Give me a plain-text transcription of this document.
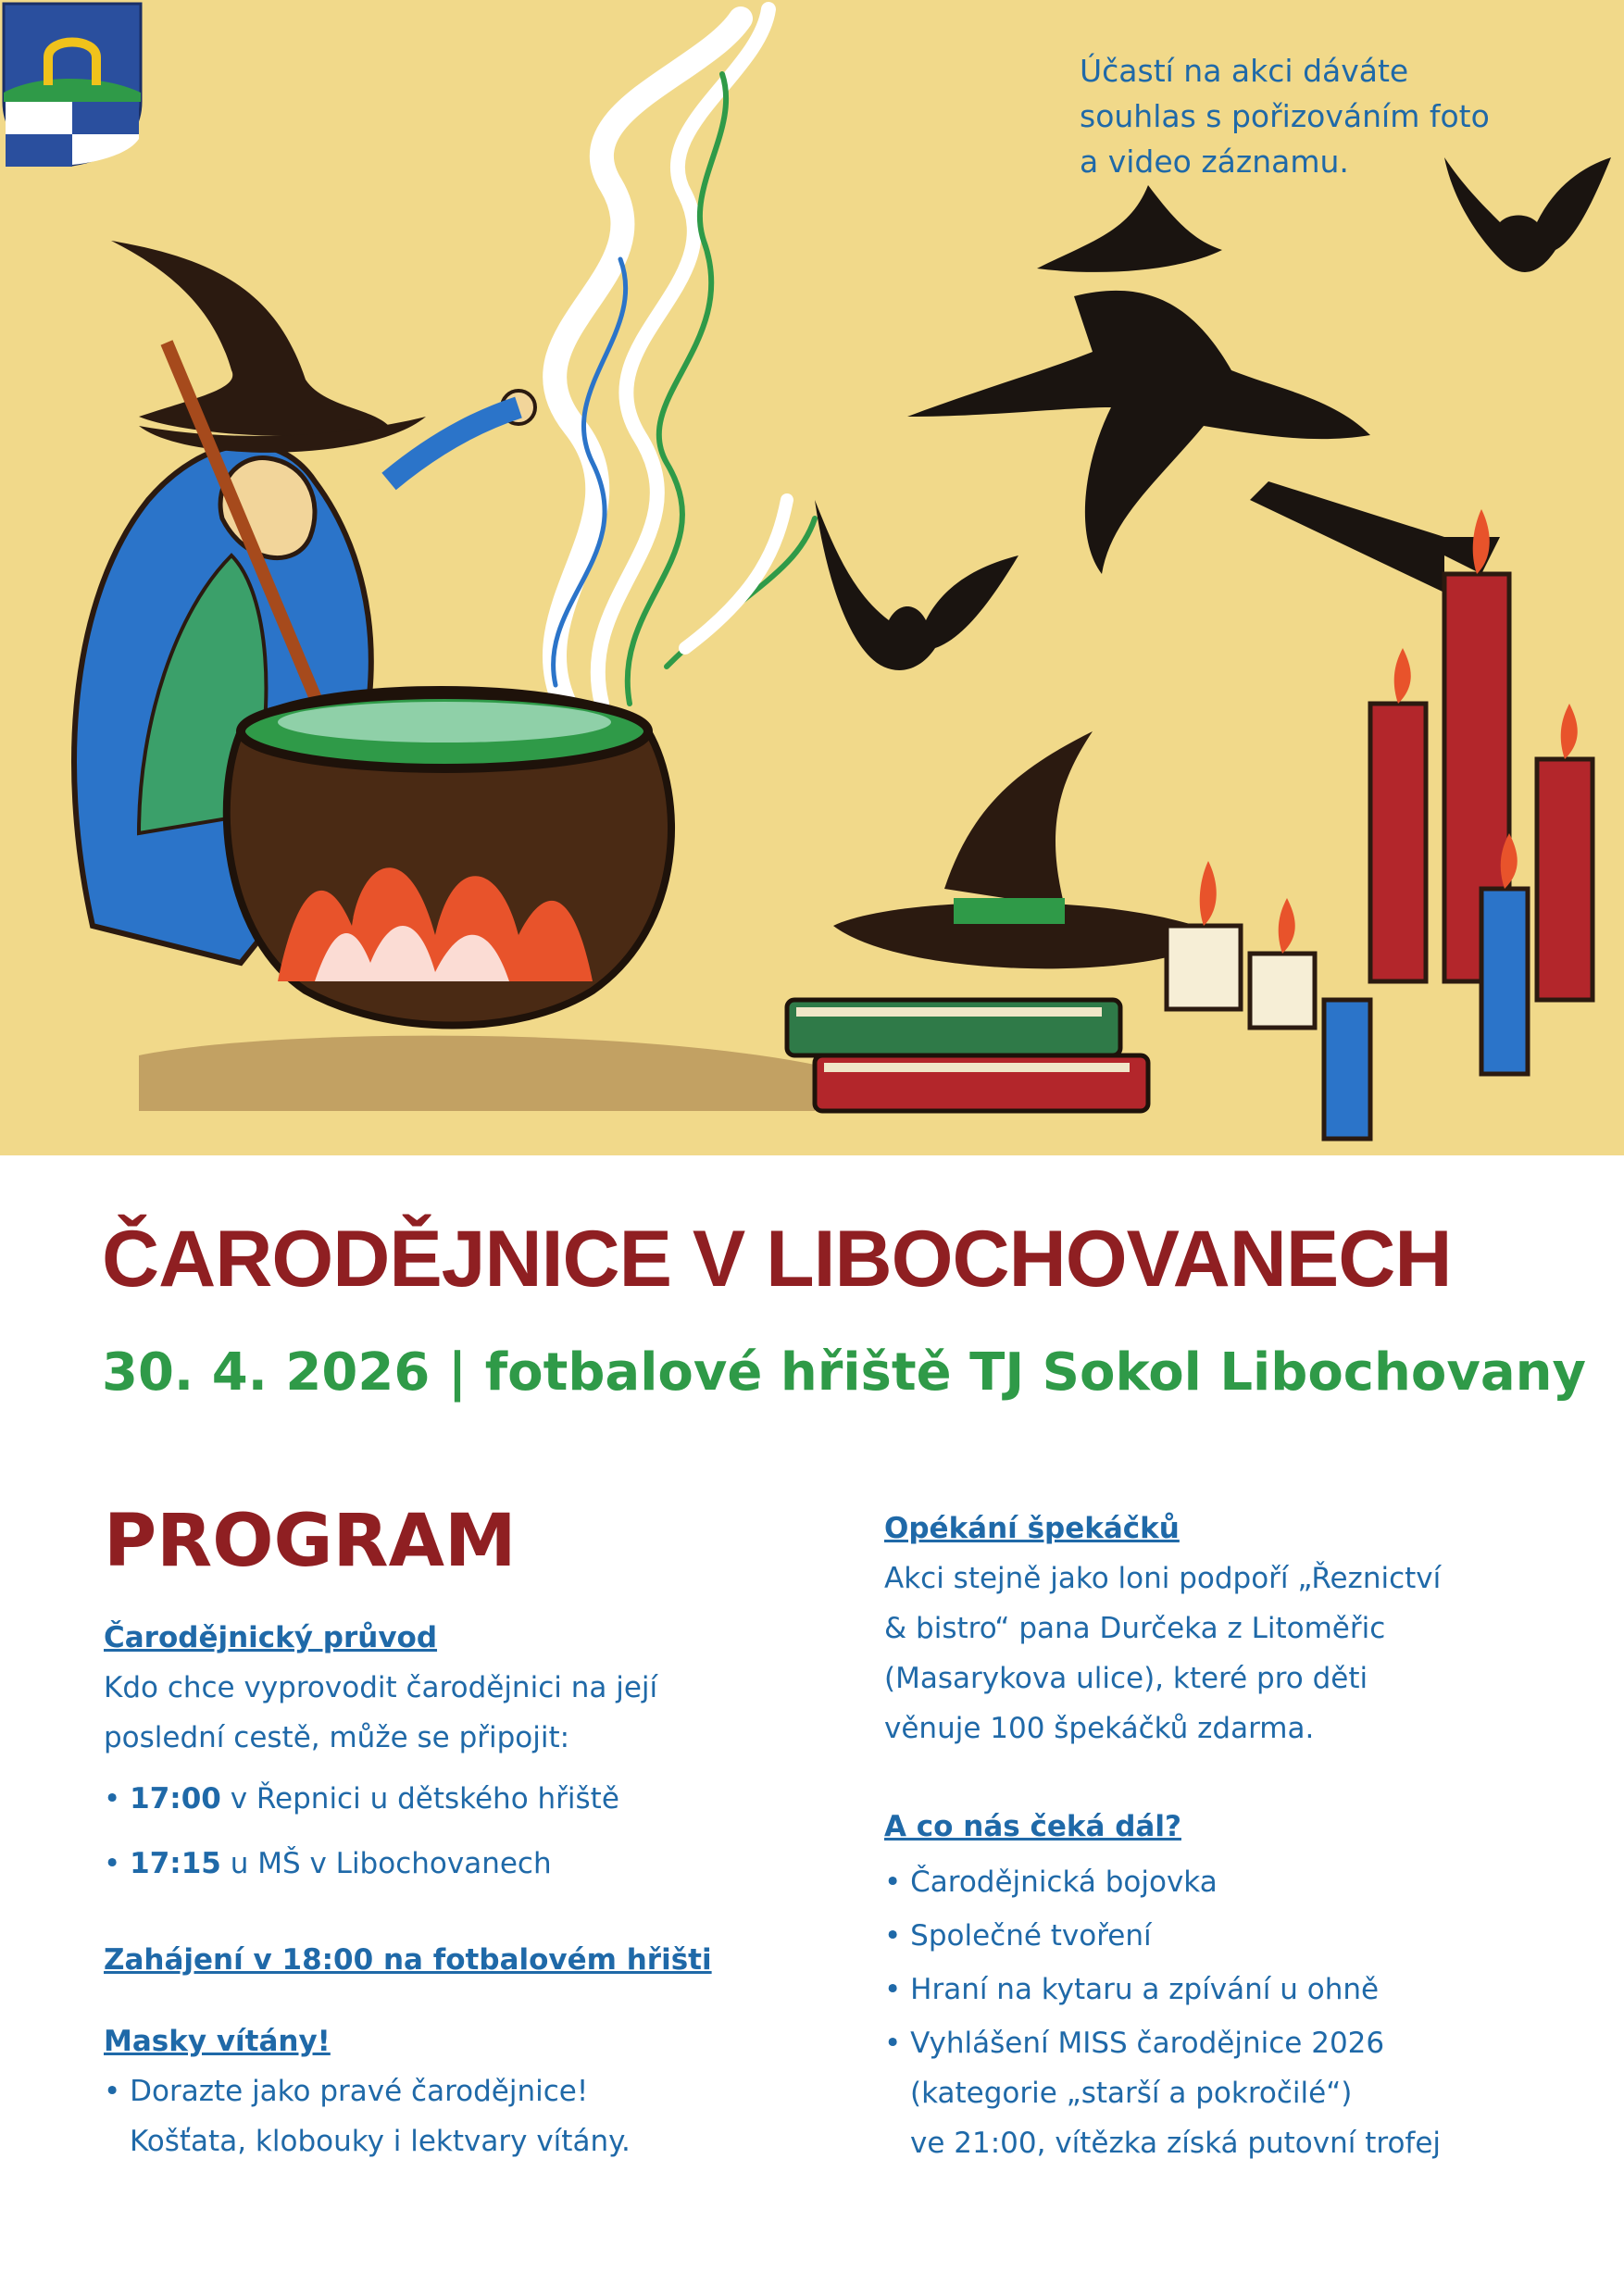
Účastí na akci dáváte
souhlas s pořizováním foto
a video záznamu.
ČARODĚJNICE V LIBOCHOVANECH
30. 4. 2026 | fotbalové hřiště TJ Sokol Libochovany
PROGRAM

Čarodějnický průvod

Kdo chce vyprovodit čarodějnici na její

poslední cestě, může se připojit:

• 17:00 v Řepnici u dětského hřiště
• 17:15 u MŠ v Libochovanech

Zahájení v 18:00 na fotbalovém hřišti

Masky vítány!

• Dorazte jako pravé čarodějnice!

Košťata, klobouky i lektvary vítány.

Opékání špekáčků

Akci stejně jako loni podpoří „Řeznictví

& bistro“ pana Durčeka z Litoměřic

(Masarykova ulice), které pro děti

věnuje 100 špekáčků zdarma.

A co nás čeká dál?

• Čarodějnická bojovka

• Společné tvoření

• Hraní na kytaru a zpívání u ohně

• Vyhlášení MISS čarodějnice 2026

(kategorie „starší a pokročilé“)

ve 21:00, vítězka získá putovní trofej
